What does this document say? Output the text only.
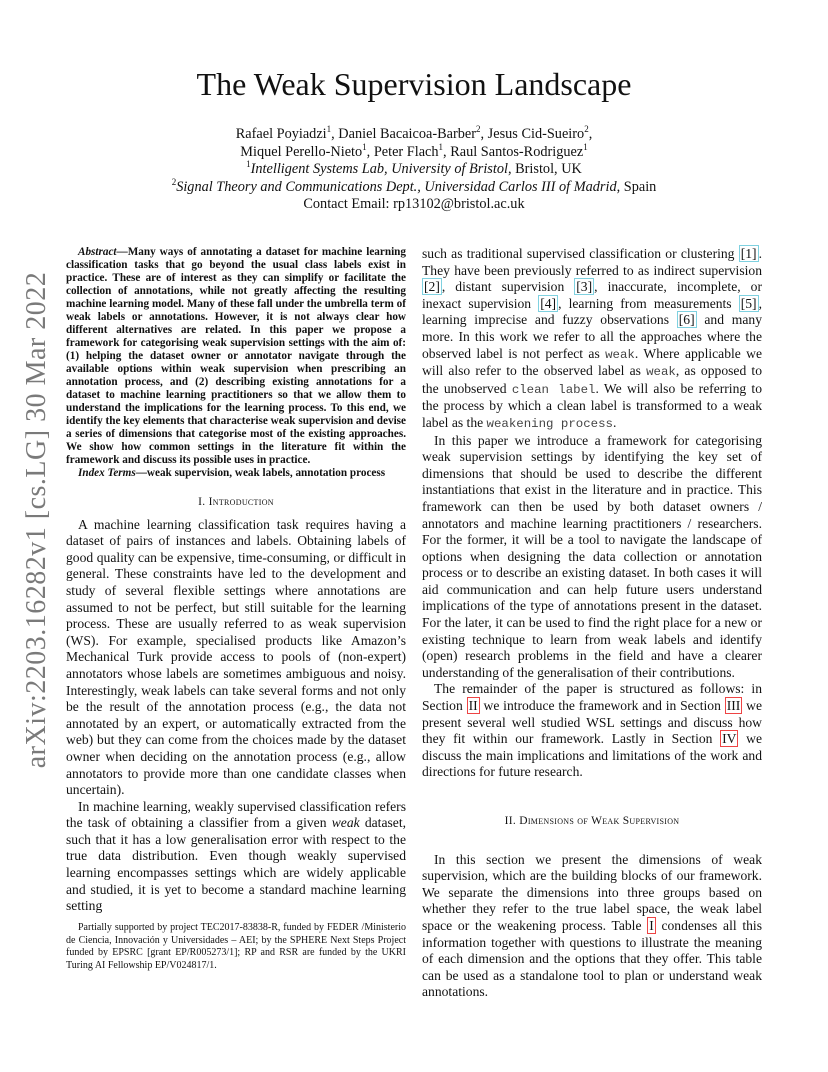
arXiv:2203.16282v1 [cs.LG] 30 Mar 2022
The Weak Supervision Landscape
Rafael Poyiadzi$^1$, Daniel Bacaicoa-Barber$^2$, Jesus Cid-Sueiro$^2$,
Miquel Perello-Nieto$^1$, Peter Flach$^1$, Raul Santos-Rodriguez$^1$
$^1$Intelligent Systems Lab, University of Bristol, Bristol, UK
$^2$Signal Theory and Communications Dept., Universidad Carlos III of Madrid, Spain
Contact Email: rp13102@bristol.ac.uk
Abstract—Many ways of annotating a dataset for machine learning classification tasks that go beyond the usual class labels exist in practice. These are of interest as they can simplify or facilitate the collection of annotations, while not greatly affecting the resulting machine learning model. Many of these fall under the umbrella term of weak labels or annotations. However, it is not always clear how different alternatives are related. In this paper we propose a framework for categorising weak supervision settings with the aim of: (1) helping the dataset owner or annotator navigate through the available options within weak supervision when prescribing an annotation process, and (2) describing existing annotations for a dataset to machine learning practitioners so that we allow them to understand the implications for the learning process. To this end, we identify the key elements that characterise weak supervision and devise a series of dimensions that categorise most of the existing approaches. We show how common settings in the literature fit within the framework and discuss its possible uses in practice.
Index Terms—weak supervision, weak labels, annotation process
I. Introduction

A machine learning classification task requires having a dataset of pairs of instances and labels. Obtaining labels of good quality can be expensive, time-consuming, or difficult in general. These constraints have led to the development and study of several flexible settings where annotations are assumed to not be perfect, but still suitable for the learning process. These are usually referred to as weak supervision (WS). For example, specialised products like Amazon’s Mechanical Turk provide access to pools of (non-expert) annotators whose labels are sometimes ambiguous and noisy. Interestingly, weak labels can take several forms and not only be the result of the annotation process (e.g., the data not annotated by an expert, or automatically extracted from the web) but they can come from the choices made by the dataset owner when deciding on the annotation process (e.g., allow annotators to provide more than one candidate classes when uncertain).

In machine learning, weakly supervised classification refers the task of obtaining a classifier from a given weak dataset, such that it has a low generalisation error with respect to the true data distribution. Even though weakly supervised learning encompasses settings which are widely applicable and studied, it is yet to become a standard machine learning setting

Partially supported by project TEC2017-83838-R, funded by FEDER /Ministerio de Ciencia, Innovación y Universidades – AEI; by the SPHERE Next Steps Project funded by EPSRC [grant EP/R005273/1]; RP and RSR are funded by the UKRI Turing AI Fellowship EP/V024817/1.

such as traditional supervised classification or clustering [1] . They have been previously referred to as indirect supervision [2] , distant supervision [3] , inaccurate, incomplete, or inexact supervision [4] , learning from measurements [5] , learning imprecise and fuzzy observations [6] and many more. In this work we refer to all the approaches where the observed label is not perfect as weak. Where applicable we will also refer to the observed label as weak, as opposed to the unobserved clean label. We will also be referring to the process by which a clean label is transformed to a weak label as the weakening process.

In this paper we introduce a framework for categorising weak supervision settings by identifying the key set of dimensions that should be used to describe the different instantiations that exist in the literature and in practice. This framework can then be used by both dataset owners / annotators and machine learning practitioners / researchers. For the former, it will be a tool to navigate the landscape of options when designing the data collection or annotation process or to describe an existing dataset. In both cases it will aid communication and can help future users understand implications of the type of annotations present in the dataset. For the later, it can be used to find the right place for a new or existing technique to learn from weak labels and identify (open) research problems in the field and have a clearer understanding of the generalisation of their contributions.

The remainder of the paper is structured as follows: in Section II we introduce the framework and in Section III we present several well studied WSL settings and discuss how they fit within our framework. Lastly in Section IV we discuss the main implications and limitations of the work and directions for future research.

II. Dimensions of Weak Supervision

In this section we present the dimensions of weak supervision, which are the building blocks of our framework. We separate the dimensions into three groups based on whether they refer to the true label space, the weak label space or the weakening process. Table I condenses all this information together with questions to illustrate the meaning of each dimension and the options that they offer. This table can be used as a standalone tool to plan or understand weak annotations.
